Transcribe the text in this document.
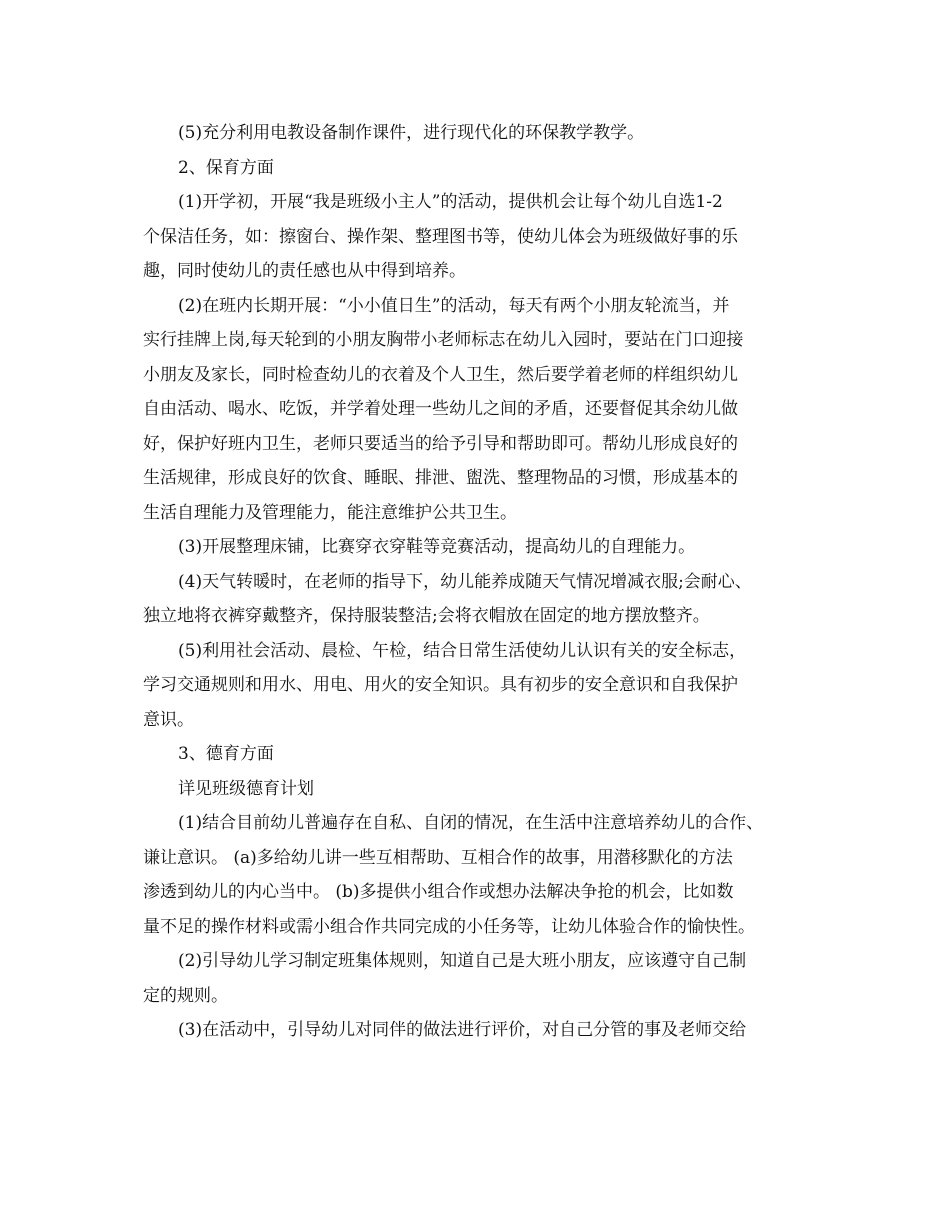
(5)充分利用电教设备制作课件，进行现代化的环保教学教学。

2、保育方面

(1)开学初，开展“我是班级小主人”的活动，提供机会让每个幼儿自选1-2
个保洁任务，如：擦窗台、操作架、整理图书等，使幼儿体会为班级做好事的乐
趣，同时使幼儿的责任感也从中得到培养。

(2)在班内长期开展：“小小值日生”的活动，每天有两个小朋友轮流当，并
实行挂牌上岗,每天轮到的小朋友胸带小老师标志在幼儿入园时，要站在门口迎接
小朋友及家长，同时检查幼儿的衣着及个人卫生，然后要学着老师的样组织幼儿
自由活动、喝水、吃饭，并学着处理一些幼儿之间的矛盾，还要督促其余幼儿做
好，保护好班内卫生，老师只要适当的给予引导和帮助即可。帮幼儿形成良好的
生活规律，形成良好的饮食、睡眠、排泄、盥洗、整理物品的习惯，形成基本的
生活自理能力及管理能力，能注意维护公共卫生。

(3)开展整理床铺，比赛穿衣穿鞋等竞赛活动，提高幼儿的自理能力。

(4)天气转暖时，在老师的指导下，幼儿能养成随天气情况增减衣服;会耐心、
独立地将衣裤穿戴整齐，保持服装整洁;会将衣帽放在固定的地方摆放整齐。

(5)利用社会活动、晨检、午检，结合日常生活使幼儿认识有关的安全标志，
学习交通规则和用水、用电、用火的安全知识。具有初步的安全意识和自我保护
意识。

3、德育方面

详见班级德育计划

(1)结合目前幼儿普遍存在自私、自闭的情况，在生活中注意培养幼儿的合作、
谦让意识。 (a)多给幼儿讲一些互相帮助、互相合作的故事，用潜移默化的方法
渗透到幼儿的内心当中。 (b)多提供小组合作或想办法解决争抢的机会，比如数
量不足的操作材料或需小组合作共同完成的小任务等，让幼儿体验合作的愉快性。

(2)引导幼儿学习制定班集体规则，知道自己是大班小朋友，应该遵守自己制
定的规则。

(3)在活动中，引导幼儿对同伴的做法进行评价，对自己分管的事及老师交给
